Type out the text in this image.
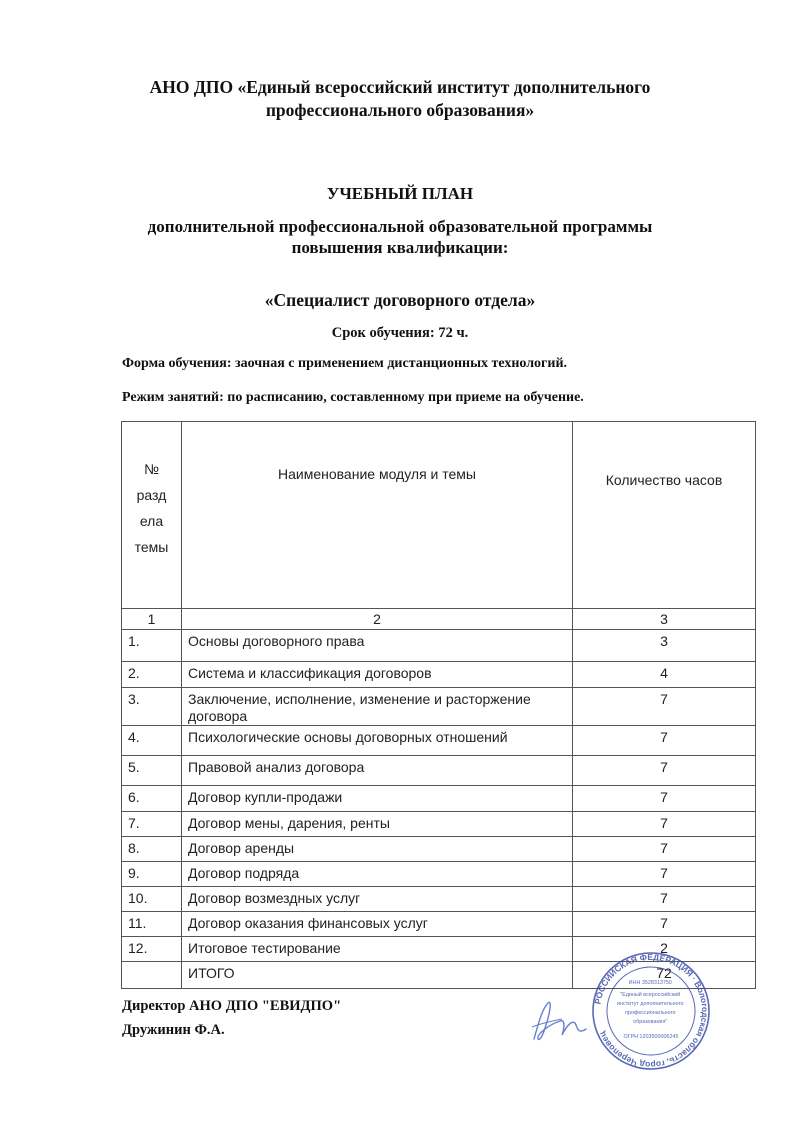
АНО ДПО «Единый всероссийский институт дополнительного
профессионального образования»
УЧЕБНЫЙ ПЛАН
дополнительной профессиональной образовательной программы
повышения квалификации:
«Специалист договорного отдела»
Срок обучения: 72 ч.
Форма обучения: заочная с применением дистанционных технологий.
Режим занятий: по расписанию, составленному при приеме на обучение.
№
разд
ела
темы	Наименование модуля и темы	Количество часов
1	2	3
1.	Основы договорного права	3
2.	Система и классификация договоров	4
3.	Заключение, исполнение, изменение и расторжение договора	7
4.	Психологические основы договорных отношений	7
5.	Правовой анализ договора	7
6.	Договор купли-продажи	7
7.	Договор мены, дарения, ренты	7
8.	Договор аренды	7
9.	Договор подряда	7
10.	Договор возмездных услуг	7
11.	Договор оказания финансовых услуг	7
12.	Итоговое тестирование	2
	ИТОГО	72
Директор АНО ДПО "ЕВИДПО"
Дружинин Ф.А.
РОССИЙСКАЯ ФЕДЕРАЦИЯ · Вологодская область, город Череповец
ИНН 3528313750 "Единый всероссийский институт дополнительного профессионального образования" ОГРН 1203500006245
